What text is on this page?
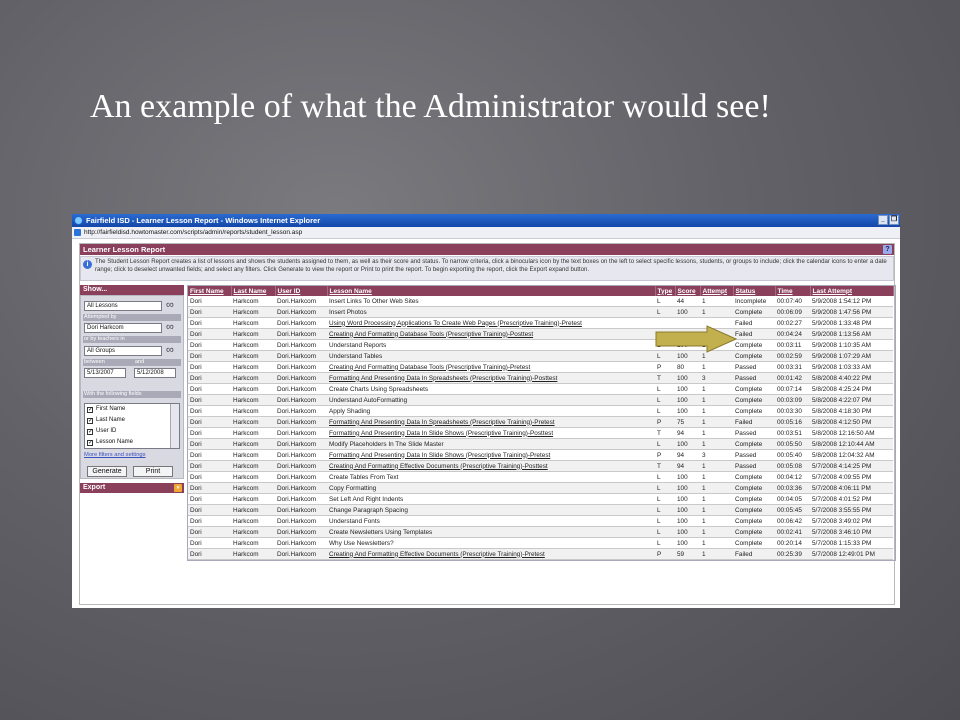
An example of what the Administrator would see!
Fairfield ISD - Learner Lesson Report - Windows Internet Explorer	_ ❐
http://fairfieldisd.howtomaster.com/scripts/admin/reports/student_lesson.asp
Learner Lesson Report	?
i	The Student Lesson Report creates a list of lessons and shows the students assigned to them, as well as their score and status. To narrow criteria, click a binoculars icon by the text boxes on the left to select specific lessons, students, or groups to include; click the calendar icons to enter a date range; click to deselect unwanted fields; and select any filters. Click Generate to view the report or Print to print the report. To begin exporting the report, click the Export expand button.
Show...
All Lessons
∞
Attempted by
Dori Harkcom
∞
or by teachers in
All Groups
∞
between	and
5/13/2007	5/12/2008
With the following fields
✓ First Name
✓ Last Name
✓ User ID
✓ Lesson Name
More filters and settings
Generate	Print
Export	»
First Name	Last Name	User ID	Lesson Name	Type	Score	Attempt	Status	Time	Last Attempt
Dori	Harkcom	Dori.Harkcom	Insert Links To Other Web Sites	L	44	1	Incomplete	00:07:40	5/9/2008 1:54:12 PM
Dori	Harkcom	Dori.Harkcom	Insert Photos	L	100	1	Complete	00:06:09	5/9/2008 1:47:56 PM
Dori	Harkcom	Dori.Harkcom	Using Word Processing Applications To Create Web Pages (Prescriptive Training)-Pretest				Failed	00:02:27	5/9/2008 1:33:48 PM
Dori	Harkcom	Dori.Harkcom	Creating And Formatting Database Tools (Prescriptive Training)-Posttest				Failed	00:04:24	5/9/2008 1:13:56 AM
Dori	Harkcom	Dori.Harkcom	Understand Reports				Complete	00:03:11	5/9/2008 1:10:35 AM
Dori	Harkcom	Dori.Harkcom	Understand Tables	L	100	1	Complete	00:02:59	5/9/2008 1:07:29 AM
Dori	Harkcom	Dori.Harkcom	Creating And Formatting Database Tools (Prescriptive Training)-Pretest	P	80	1	Passed	00:03:31	5/9/2008 1:03:33 AM
Dori	Harkcom	Dori.Harkcom	Formatting And Presenting Data In Spreadsheets (Prescriptive Training)-Posttest	T	100	3	Passed	00:01:42	5/8/2008 4:40:22 PM
Dori	Harkcom	Dori.Harkcom	Create Charts Using Spreadsheets	L	100	1	Complete	00:07:14	5/8/2008 4:25:24 PM
Dori	Harkcom	Dori.Harkcom	Understand AutoFormatting	L	100	1	Complete	00:03:09	5/8/2008 4:22:07 PM
Dori	Harkcom	Dori.Harkcom	Apply Shading	L	100	1	Complete	00:03:30	5/8/2008 4:18:30 PM
Dori	Harkcom	Dori.Harkcom	Formatting And Presenting Data In Spreadsheets (Prescriptive Training)-Pretest	P	75	1	Failed	00:05:16	5/8/2008 4:12:50 PM
Dori	Harkcom	Dori.Harkcom	Formatting And Presenting Data In Slide Shows (Prescriptive Training)-Posttest	T	94	1	Passed	00:03:51	5/8/2008 12:16:50 AM
Dori	Harkcom	Dori.Harkcom	Modify Placeholders In The Slide Master	L	100	1	Complete	00:05:50	5/8/2008 12:10:44 AM
Dori	Harkcom	Dori.Harkcom	Formatting And Presenting Data In Slide Shows (Prescriptive Training)-Pretest	P	94	3	Passed	00:05:40	5/8/2008 12:04:32 AM
Dori	Harkcom	Dori.Harkcom	Creating And Formatting Effective Documents (Prescriptive Training)-Posttest	T	94	1	Passed	00:05:08	5/7/2008 4:14:25 PM
Dori	Harkcom	Dori.Harkcom	Create Tables From Text	L	100	1	Complete	00:04:12	5/7/2008 4:09:55 PM
Dori	Harkcom	Dori.Harkcom	Copy Formatting	L	100	1	Complete	00:03:36	5/7/2008 4:06:11 PM
Dori	Harkcom	Dori.Harkcom	Set Left And Right Indents	L	100	1	Complete	00:04:05	5/7/2008 4:01:52 PM
Dori	Harkcom	Dori.Harkcom	Change Paragraph Spacing	L	100	1	Complete	00:05:45	5/7/2008 3:55:55 PM
Dori	Harkcom	Dori.Harkcom	Understand Fonts	L	100	1	Complete	00:06:42	5/7/2008 3:49:02 PM
Dori	Harkcom	Dori.Harkcom	Create Newsletters Using Templates	L	100	1	Complete	00:02:41	5/7/2008 3:46:10 PM
Dori	Harkcom	Dori.Harkcom	Why Use Newsletters?	L	100	1	Complete	00:20:14	5/7/2008 1:15:33 PM
Dori	Harkcom	Dori.Harkcom	Creating And Formatting Effective Documents (Prescriptive Training)-Pretest	P	59	1	Failed	00:25:39	5/7/2008 12:49:01 PM
